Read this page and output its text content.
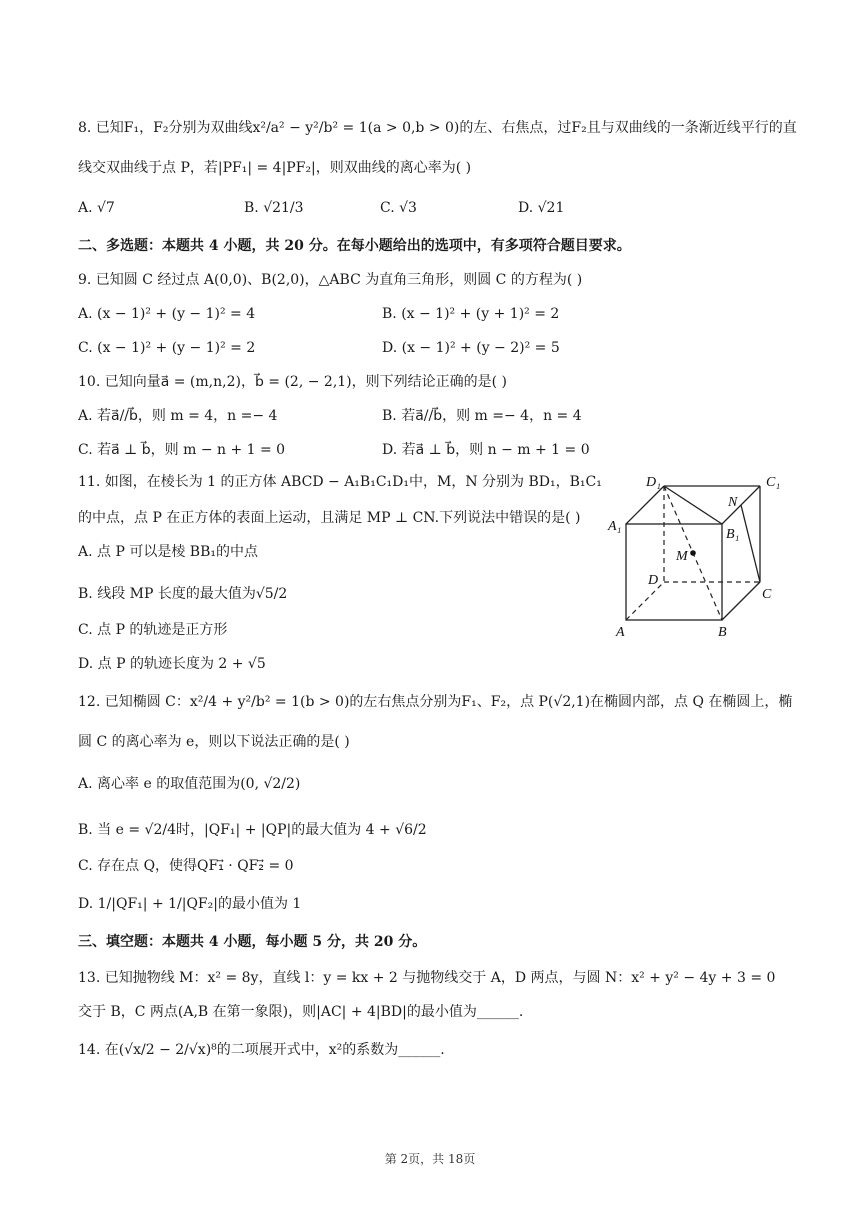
8. 已知F₁，F₂分别为双曲线x²/a² − y²/b² = 1(a > 0,b > 0)的左、右焦点，过F₂且与双曲线的一条渐近线平行的直
线交双曲线于点 P，若|PF₁| = 4|PF₂|，则双曲线的离心率为( )
A. √7	B. √21/3	C. √3	D. √21
二、多选题：本题共 4 小题，共 20 分。在每小题给出的选项中，有多项符合题目要求。
9. 已知圆 C 经过点 A(0,0)、B(2,0)，△ABC 为直角三角形，则圆 C 的方程为( )
A. (x − 1)² + (y − 1)² = 4	B. (x − 1)² + (y + 1)² = 2
C. (x − 1)² + (y − 1)² = 2	D. (x − 1)² + (y − 2)² = 5
10. 已知向量a⃗ = (m,n,2)，b⃗ = (2, − 2,1)，则下列结论正确的是( )
A. 若a⃗//b⃗，则 m = 4，n =− 4	B. 若a⃗//b⃗，则 m =− 4，n = 4
C. 若a⃗ ⊥ b⃗，则 m − n + 1 = 0	D. 若a⃗ ⊥ b⃗，则 n − m + 1 = 0
11. 如图，在棱长为 1 的正方体 ABCD − A₁B₁C₁D₁中，M，N 分别为 BD₁，B₁C₁
的中点，点 P 在正方体的表面上运动，且满足 MP ⊥ CN.下列说法中错误的是( )
A. 点 P 可以是棱 BB₁的中点
B. 线段 MP 长度的最大值为√5/2
C. 点 P 的轨迹是正方形
D. 点 P 的轨迹长度为 2 + √5
D₁	C₁
N
A₁
B₁
M
D
C
A	B
12. 已知椭圆 C：x²/4 + y²/b² = 1(b > 0)的左右焦点分别为F₁、F₂，点 P(√2,1)在椭圆内部，点 Q 在椭圆上，椭
圆 C 的离心率为 e，则以下说法正确的是( )
A. 离心率 e 的取值范围为(0, √2/2)
B. 当 e = √2/4时，|QF₁| + |QP|的最大值为 4 + √6/2
C. 存在点 Q，使得QF₁⃗ · QF₂⃗ = 0
D. 1/|QF₁| + 1/|QF₂|的最小值为 1
三、填空题：本题共 4 小题，每小题 5 分，共 20 分。
13. 已知抛物线 M：x² = 8y，直线 l：y = kx + 2 与抛物线交于 A，D 两点，与圆 N：x² + y² − 4y + 3 = 0
交于 B，C 两点(A,B 在第一象限)，则|AC| + 4|BD|的最小值为______.
14. 在(√x/2 − 2/√x)⁸的二项展开式中，x²的系数为______.
第 2页，共 18页
